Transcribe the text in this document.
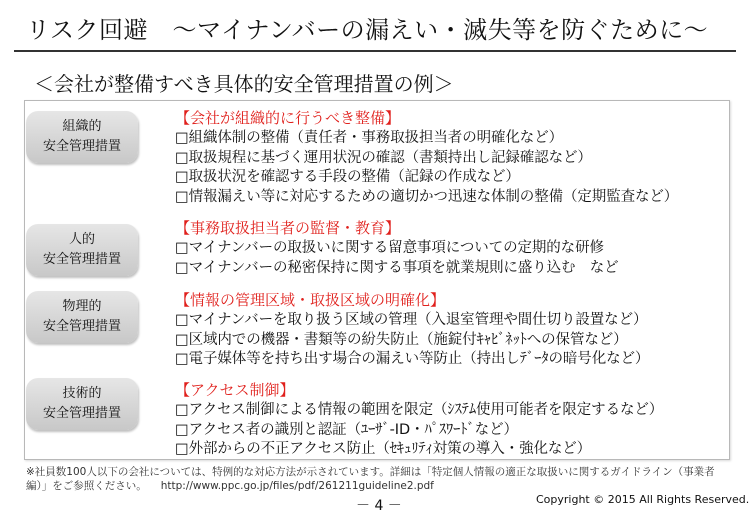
リスク回避　～マイナンバーの漏えい・滅失等を防ぐために～
＜会社が整備すべき具体的安全管理措置の例＞
組織的
安全管理措置
【会社が組織的に行うべき整備】
□組織体制の整備（責任者・事務取扱担当者の明確化など）
□取扱規程に基づく運用状況の確認（書類持出し記録確認など）
□取扱状況を確認する手段の整備（記録の作成など）
□情報漏えい等に対応するための適切かつ迅速な体制の整備（定期監査など）
人的
安全管理措置
【事務取扱担当者の監督・教育】
□マイナンバーの取扱いに関する留意事項についての定期的な研修
□マイナンバーの秘密保持に関する事項を就業規則に盛り込む　など
物理的
安全管理措置
【情報の管理区域・取扱区域の明確化】
□マイナンバーを取り扱う区域の管理（入退室管理や間仕切り設置など）
□区域内での機器・書類等の紛失防止（施錠付ｷｬﾋﾞﾈｯﾄへの保管など）
□電子媒体等を持ち出す場合の漏えい等防止（持出しﾃﾞｰﾀの暗号化など）
技術的
安全管理措置
【アクセス制御】
□アクセス制御による情報の範囲を限定（ｼｽﾃﾑ使用可能者を限定するなど）
□アクセス者の識別と認証（ﾕｰｻﾞ-ID・ﾊﾟｽﾜｰﾄﾞなど）
□外部からの不正アクセス防止（ｾｷｭﾘﾃｨ対策の導入・強化など）
※社員数100人以下の会社については、特例的な対応方法が示されています。詳細は「特定個人情報の適正な取扱いに関するガイドライン（事業者編）」をご参照ください。 http://www.ppc.go.jp/files/pdf/261211guideline2.pdf
－ 4 －	Copyright © 2015 All Rights Reserved.
